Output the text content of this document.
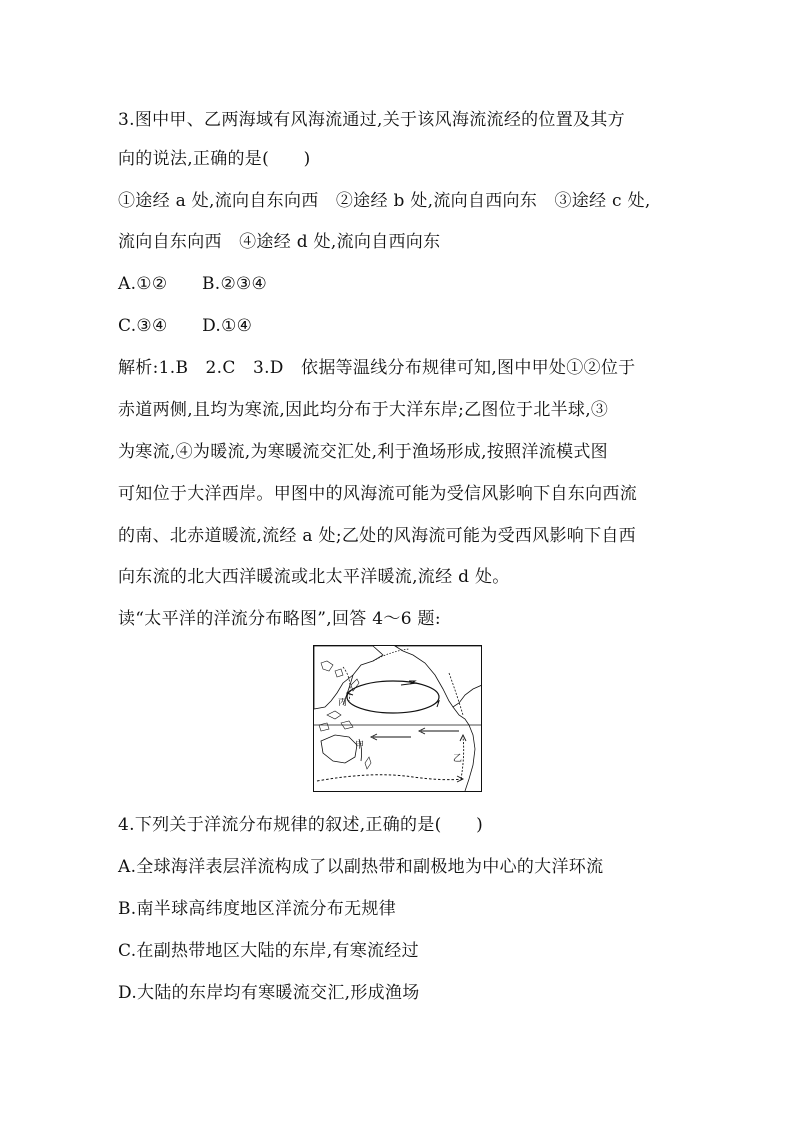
3.图中甲、乙两海域有风海流通过,关于该风海流流经的位置及其方
向的说法,正确的是(　　)
①途经 a 处,流向自东向西　②途经 b 处,流向自西向东　③途经 c 处,
流向自东向西　④途经 d 处,流向自西向东
A.①②　　B.②③④
C.③④　　D.①④
解析:1.B　2.C　3.D　依据等温线分布规律可知,图中甲处①②位于
赤道两侧,且均为寒流,因此均分布于大洋东岸;乙图位于北半球,③
为寒流,④为暖流,为寒暖流交汇处,利于渔场形成,按照洋流模式图
可知位于大洋西岸。甲图中的风海流可能为受信风影响下自东向西流
的南、北赤道暖流,流经 a 处;乙处的风海流可能为受西风影响下自西
向东流的北大西洋暖流或北太平洋暖流,流经 d 处。
读“太平洋的洋流分布略图”,回答 4～6 题:
丙
甲
乙
4.下列关于洋流分布规律的叙述,正确的是(　　)
A.全球海洋表层洋流构成了以副热带和副极地为中心的大洋环流
B.南半球高纬度地区洋流分布无规律
C.在副热带地区大陆的东岸,有寒流经过
D.大陆的东岸均有寒暖流交汇,形成渔场
